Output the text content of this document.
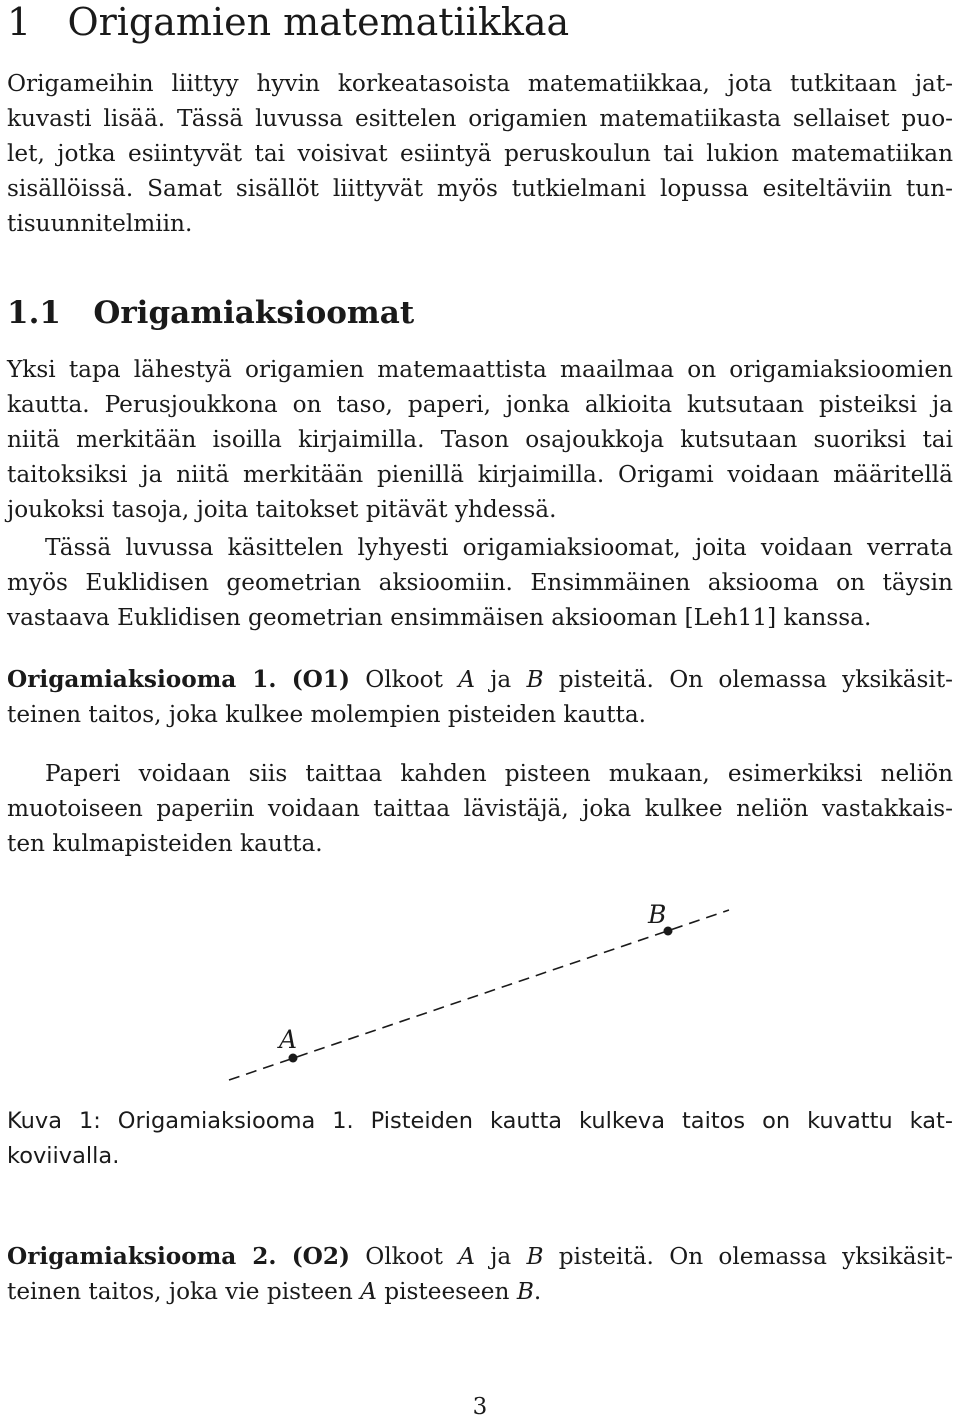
1 Origamien matematiikkaa
Origameihin liittyy hyvin korkeatasoista matematiikkaa, jota tutkitaan jat-
kuvasti lisää. Tässä luvussa esittelen origamien matematiikasta sellaiset puo-
let, jotka esiintyvät tai voisivat esiintyä peruskoulun tai lukion matematiikan
sisällöissä. Samat sisällöt liittyvät myös tutkielmani lopussa esiteltäviin tun-
tisuunnitelmiin.
1.1 Origamiaksioomat
Yksi tapa lähestyä origamien matemaattista maailmaa on origamiaksioomien
kautta. Perusjoukkona on taso, paperi, jonka alkioita kutsutaan pisteiksi ja
niitä merkitään isoilla kirjaimilla. Tason osajoukkoja kutsutaan suoriksi tai
taitoksiksi ja niitä merkitään pienillä kirjaimilla. Origami voidaan määritellä
joukoksi tasoja, joita taitokset pitävät yhdessä.
Tässä luvussa käsittelen lyhyesti origamiaksioomat, joita voidaan verrata
myös Euklidisen geometrian aksioomiin. Ensimmäinen aksiooma on täysin
vastaava Euklidisen geometrian ensimmäisen aksiooman [Leh11] kanssa.
Origamiaksiooma 1. (O1) Olkoot A ja B pisteitä. On olemassa yksikäsit-
teinen taitos, joka kulkee molempien pisteiden kautta.
Paperi voidaan siis taittaa kahden pisteen mukaan, esimerkiksi neliön
muotoiseen paperiin voidaan taittaa lävistäjä, joka kulkee neliön vastakkais-
ten kulmapisteiden kautta.
A
B
Kuva 1: Origamiaksiooma 1. Pisteiden kautta kulkeva taitos on kuvattu kat-
koviivalla.
Origamiaksiooma 2. (O2) Olkoot A ja B pisteitä. On olemassa yksikäsit-
teinen taitos, joka vie pisteen A pisteeseen B.
3
